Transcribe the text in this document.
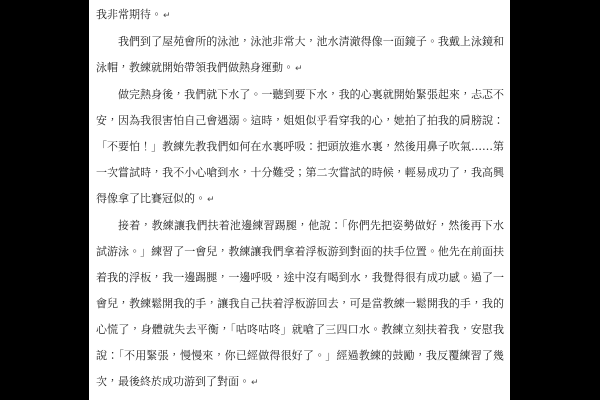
我非常期待。↵

我們到了屋苑會所的泳池，泳池非常大，池水清澈得像一面鏡子。我戴上泳鏡和泳帽，教練就開始帶領我們做熱身運動。↵

做完熱身後，我們就下水了。一聽到要下水，我的心裏就開始緊張起來，忐忑不安，因為我很害怕自己會遇溺。這時，姐姐似乎看穿我的心，她拍了拍我的肩膀說：「不要怕！」教練先教我們如何在水裏呼吸：把頭放進水裏，然後用鼻子吹氣……第一次嘗試時，我不小心嗆到水，十分難受；第二次嘗試的時候，輕易成功了，我高興得像拿了比賽冠似的。↵

接着，教練讓我們扶着池邊練習踢腿，他說：「你們先把姿勢做好，然後再下水試游泳。」練習了一會兒，教練讓我們拿着浮板游到對面的扶手位置。他先在前面扶着我的浮板，我一邊踢腿，一邊呼吸，途中沒有喝到水，我覺得很有成功感。過了一會兒，教練鬆開我的手，讓我自己扶着浮板游回去，可是當教練一鬆開我的手，我的心慌了，身體就失去平衡，「咕咚咕咚」就嗆了三四口水。教練立刻扶着我，安慰我說：「不用緊張，慢慢來，你已經做得很好了。」經過教練的鼓勵，我反覆練習了幾次，最後終於成功游到了對面。↵
